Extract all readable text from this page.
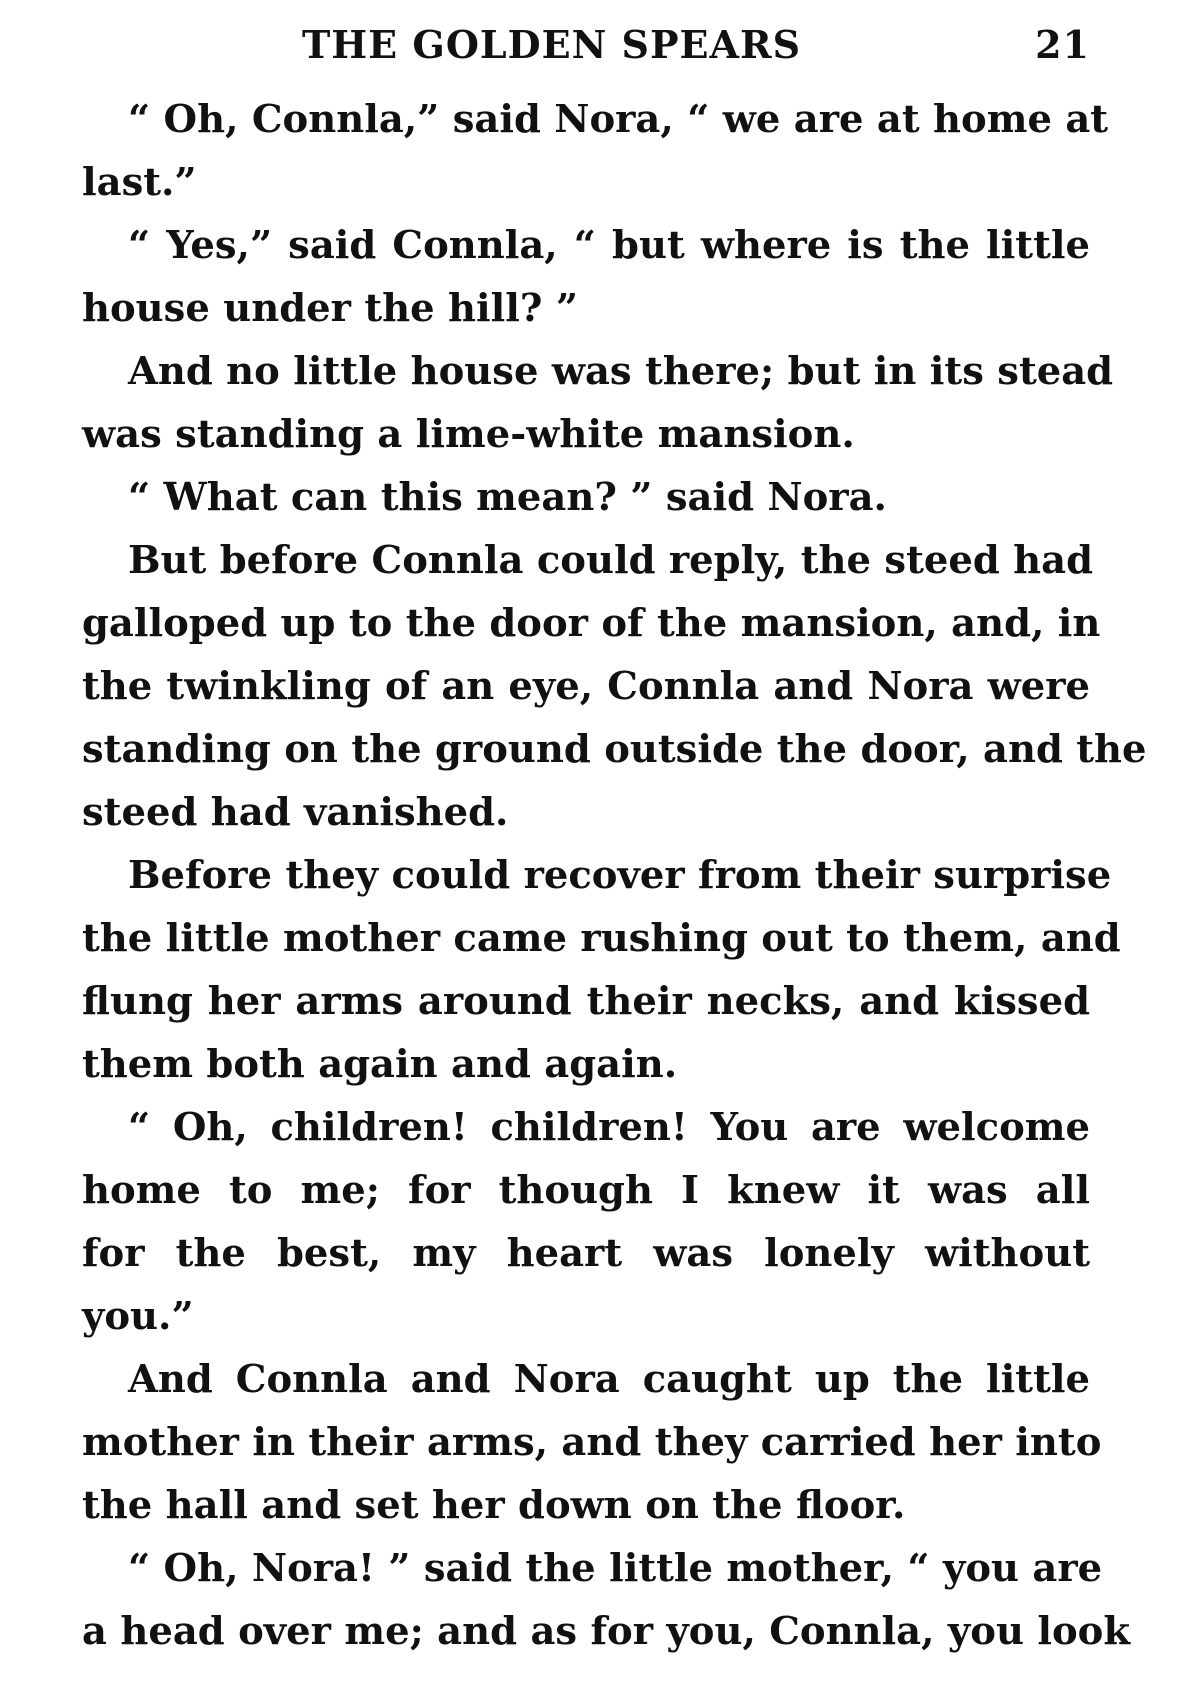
THE GOLDEN SPEARS	21

“ Oh, Connla,” said Nora, “ we are at home at
last.”

“ Yes,” said Connla, “ but where is the little
house under the hill? ”

And no little house was there; but in its stead
was standing a lime-white mansion.

“ What can this mean? ” said Nora.

But before Connla could reply, the steed had
galloped up to the door of the mansion, and, in
the twinkling of an eye, Connla and Nora were
standing on the ground outside the door, and the
steed had vanished.

Before they could recover from their surprise
the little mother came rushing out to them, and
flung her arms around their necks, and kissed
them both again and again.

“ Oh, children! children! You are welcome
home to me; for though I knew it was all
for the best, my heart was lonely without
you.”

And Connla and Nora caught up the little
mother in their arms, and they carried her into
the hall and set her down on the floor.

“ Oh, Nora! ” said the little mother, “ you are
a head over me; and as for you, Connla, you look
